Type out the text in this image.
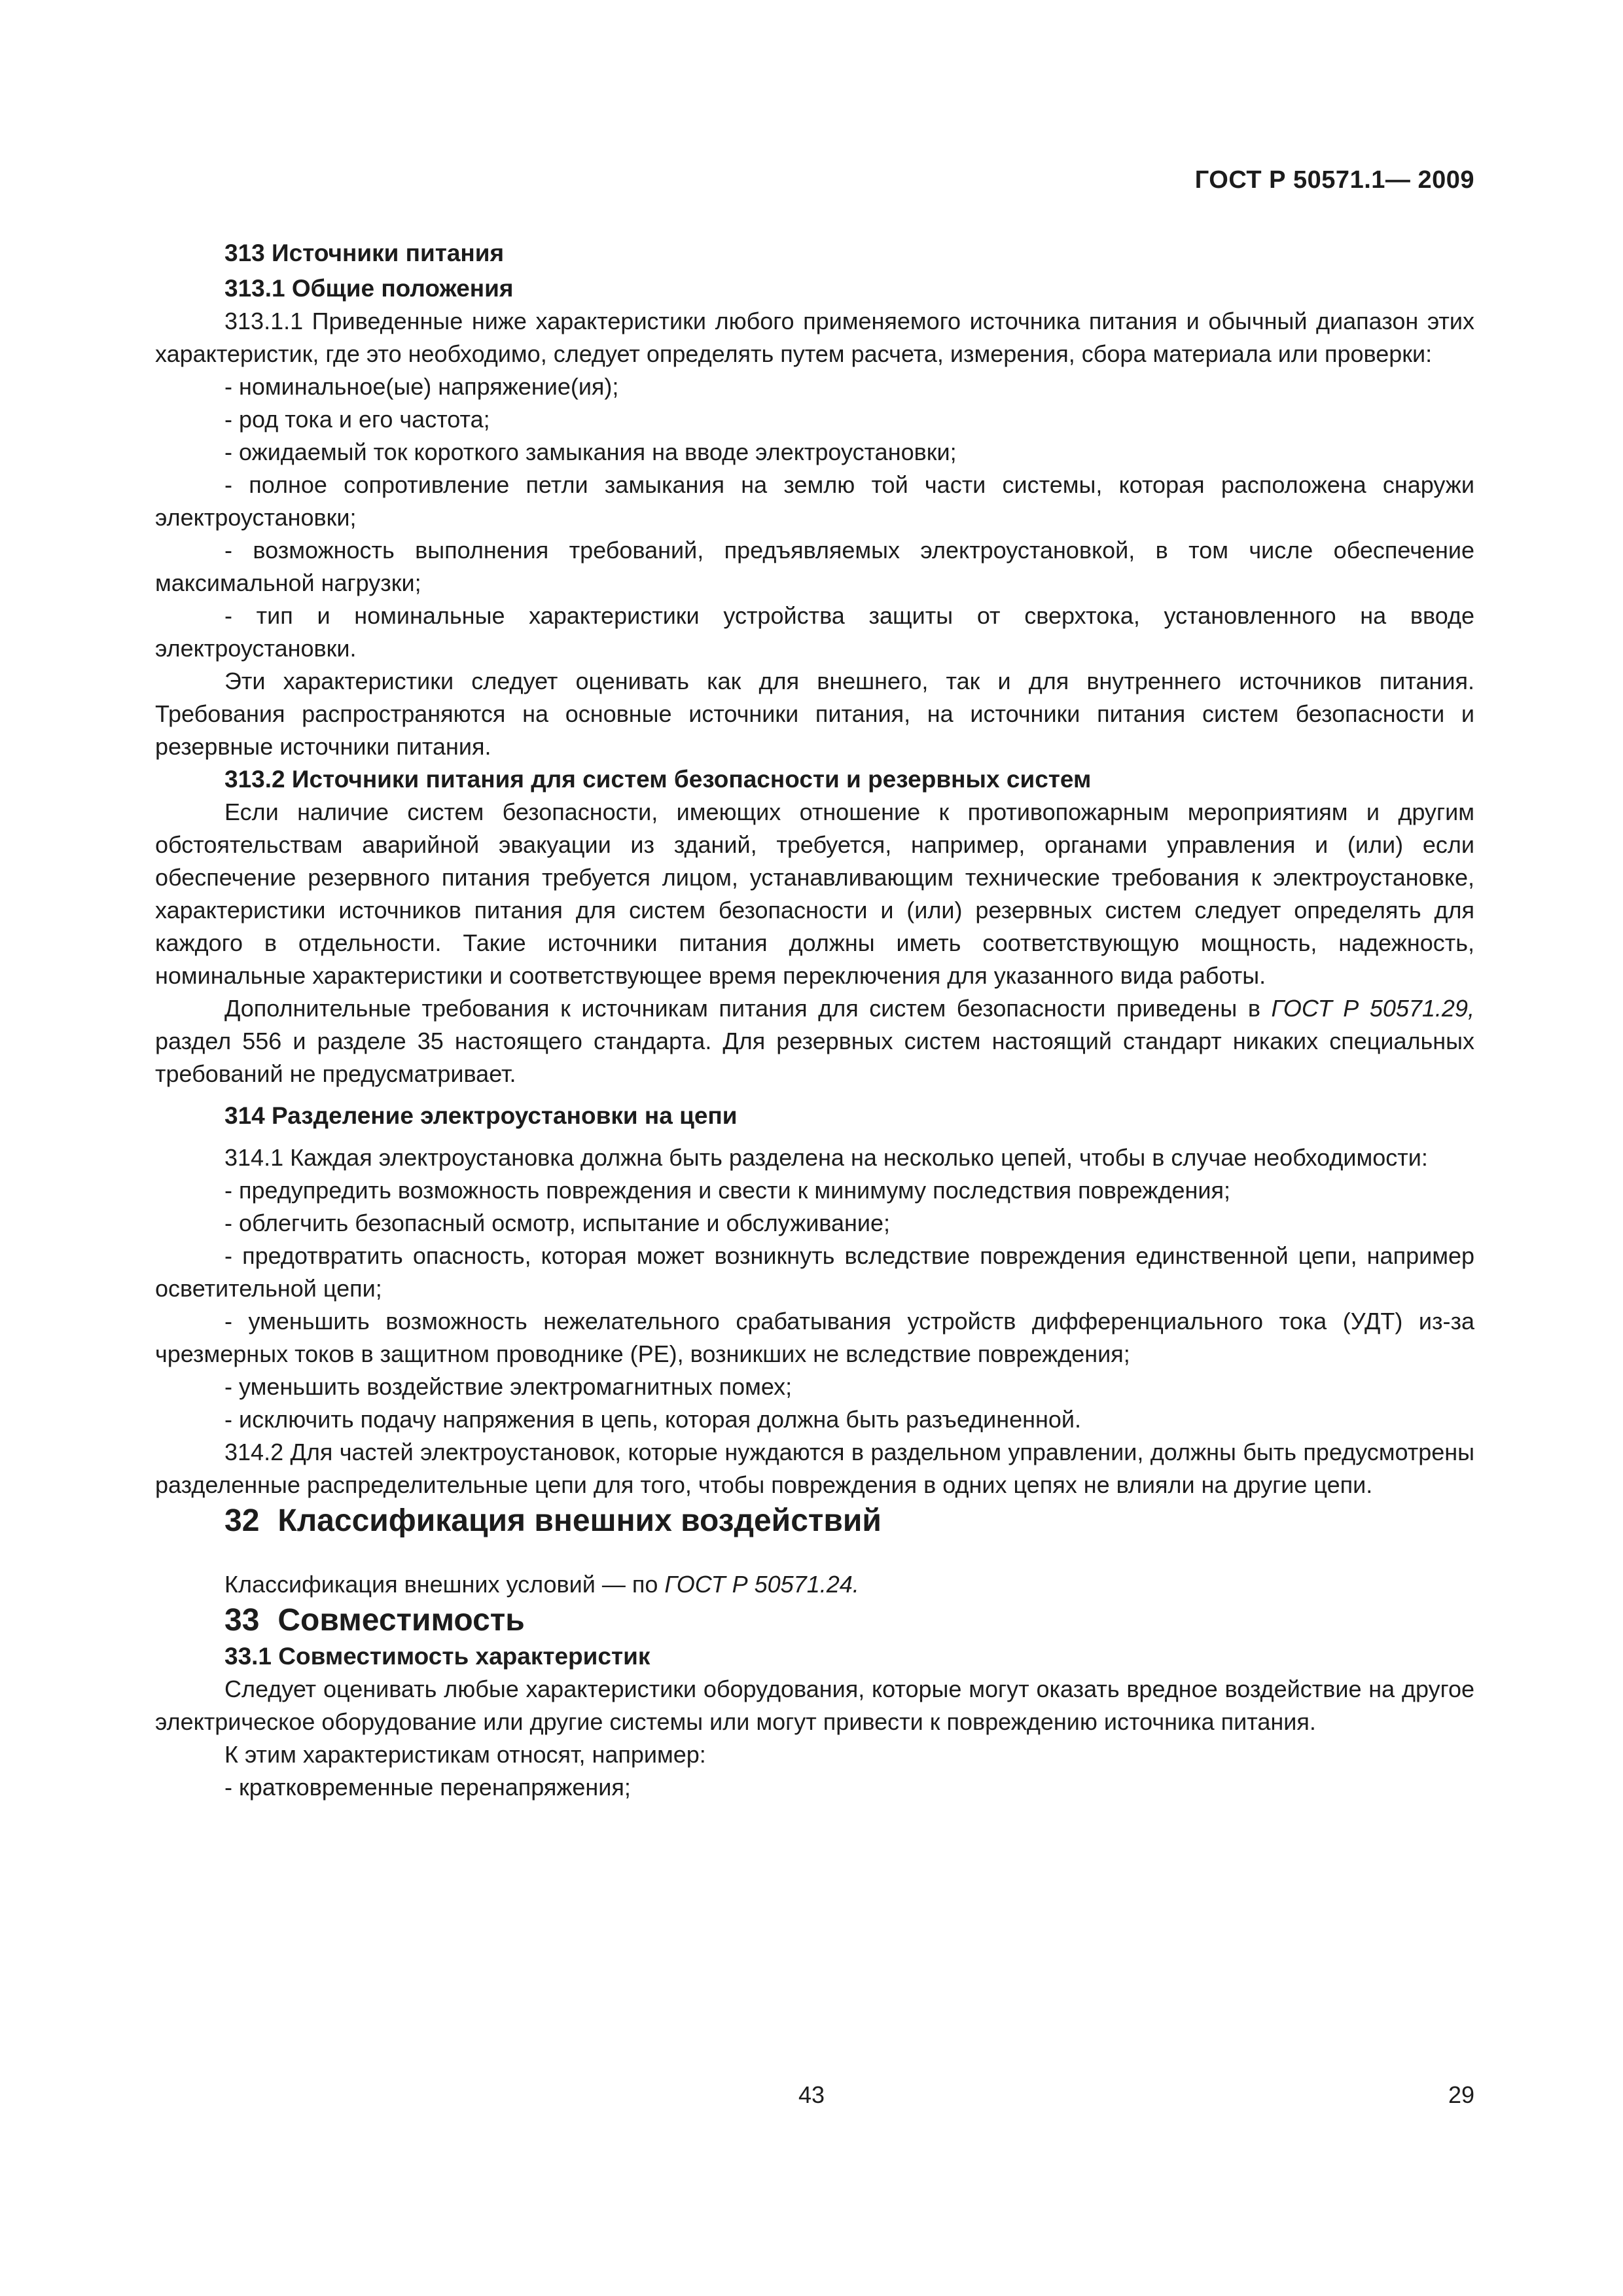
ГОСТ Р 50571.1— 2009

313 Источники питания

313.1 Общие положения

313.1.1 Приведенные ниже характеристики любого применяемого источника питания и обычный диапазон этих характеристик, где это необходимо, следует определять путем расчета, измерения, сбора материала или проверки:

- номинальное(ые) напряжение(ия);

- род тока и его частота;

- ожидаемый ток короткого замыкания на вводе электроустановки;

- полное сопротивление петли замыкания на землю той части системы, которая расположена снаружи электроустановки;

- возможность выполнения требований, предъявляемых электроустановкой, в том числе обеспечение максимальной нагрузки;

- тип и номинальные характеристики устройства защиты от сверхтока, установленного на вводе электроустановки.

Эти характеристики следует оценивать как для внешнего, так и для внутреннего источников питания. Требования распространяются на основные источники питания, на источники питания систем безопасности и резервные источники питания.

313.2 Источники питания для систем безопасности и резервных систем

Если наличие систем безопасности, имеющих отношение к противопожарным мероприятиям и другим обстоятельствам аварийной эвакуации из зданий, требуется, например, органами управления и (или) если обеспечение резервного питания требуется лицом, устанавливающим технические требования к электроустановке, характеристики источников питания для систем безопасности и (или) резервных систем следует определять для каждого в отдельности. Такие источники питания должны иметь соответствующую мощность, надежность, номинальные характеристики и соответствующее время переключения для указанного вида работы.

Дополнительные требования к источникам питания для систем безопасности приведены в ГОСТ Р 50571.29, раздел 556 и разделе 35 настоящего стандарта. Для резервных систем настоящий стандарт никаких специальных требований не предусматривает.

314 Разделение электроустановки на цепи

314.1 Каждая электроустановка должна быть разделена на несколько цепей, чтобы в случае необходимости:

- предупредить возможность повреждения и свести к минимуму последствия повреждения;

- облегчить безопасный осмотр, испытание и обслуживание;

- предотвратить опасность, которая может возникнуть вследствие повреждения единственной цепи, например осветительной цепи;

- уменьшить возможность нежелательного срабатывания устройств дифференциального тока (УДТ) из-за чрезмерных токов в защитном проводнике (РЕ), возникших не вследствие повреждения;

- уменьшить воздействие электромагнитных помех;

- исключить подачу напряжения в цепь, которая должна быть разъединенной.

314.2 Для частей электроустановок, которые нуждаются в раздельном управлении, должны быть предусмотрены разделенные распределительные цепи для того, чтобы повреждения в одних цепях не влияли на другие цепи.

32 Классификация внешних воздействий

Классификация внешних условий — по ГОСТ Р 50571.24.

33 Совместимость

33.1 Совместимость характеристик

Следует оценивать любые характеристики оборудования, которые могут оказать вредное воздействие на другое электрическое оборудование или другие системы или могут привести к повреждению источника питания.

К этим характеристикам относят, например:

- кратковременные перенапряжения;

43	29
